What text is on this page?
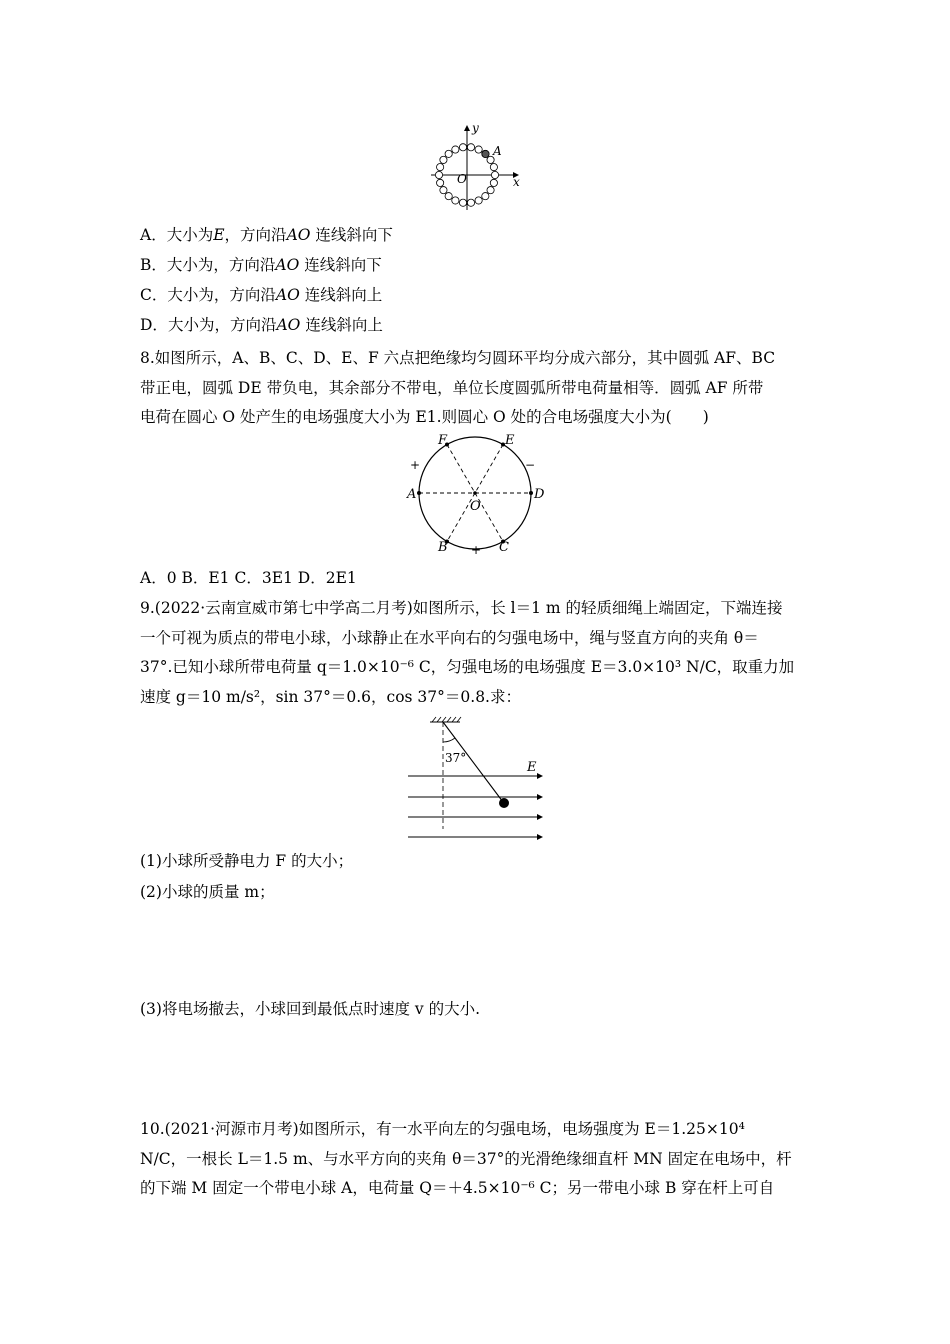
y
A
O	x
A．大小为E，方向沿AO 连线斜向下
B．大小为，方向沿AO 连线斜向下
C．大小为，方向沿AO 连线斜向上
D．大小为，方向沿AO 连线斜向上
8.如图所示，A、B、C、D、E、F 六点把绝缘均匀圆环平均分成六部分，其中圆弧 AF、BC
带正电，圆弧 DE 带负电，其余部分不带电，单位长度圆弧所带电荷量相等．圆弧 AF 所带
电荷在圆心 O 处产生的电场强度大小为 E1.则圆心 O 处的合电场强度大小为(　　)
F	E
A	D
O
B	C
+	−
+
A．0 B．E1 C．3E1 D．2E1
9.(2022·云南宣威市第七中学高二月考)如图所示，长 l＝1 m 的轻质细绳上端固定，下端连接
一个可视为质点的带电小球，小球静止在水平向右的匀强电场中，绳与竖直方向的夹角 θ＝
37°.已知小球所带电荷量 q＝1.0×10⁻⁶ C，匀强电场的电场强度 E＝3.0×10³ N/C，取重力加
速度 g＝10 m/s²，sin 37°＝0.6，cos 37°＝0.8.求：
37°
E
(1)小球所受静电力 F 的大小；
(2)小球的质量 m；
(3)将电场撤去，小球回到最低点时速度 v 的大小.
10.(2021·河源市月考)如图所示，有一水平向左的匀强电场，电场强度为 E＝1.25×10⁴
N/C，一根长 L＝1.5 m、与水平方向的夹角 θ＝37°的光滑绝缘细直杆 MN 固定在电场中，杆
的下端 M 固定一个带电小球 A，电荷量 Q＝＋4.5×10⁻⁶ C；另一带电小球 B 穿在杆上可自
